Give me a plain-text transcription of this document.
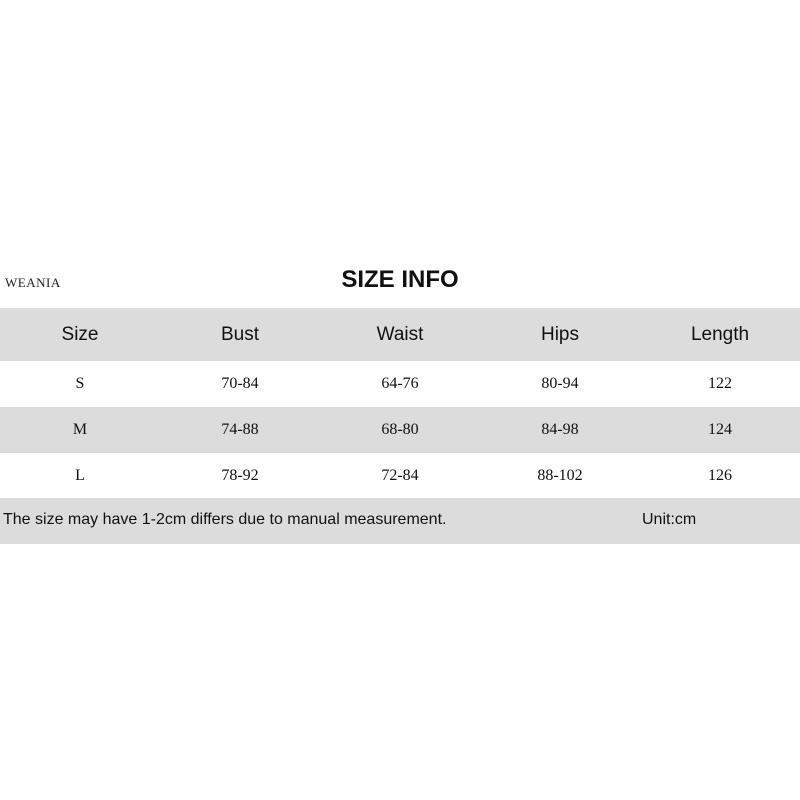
WEANIA	SIZE INFO
Size	Bust	Waist	Hips	Length
S	70-84	64-76	80-94	122
M	74-88	68-80	84-98	124
L	78-92	72-84	88-102	126
The size may have 1-2cm differs due to manual measurement.	Unit:cm
